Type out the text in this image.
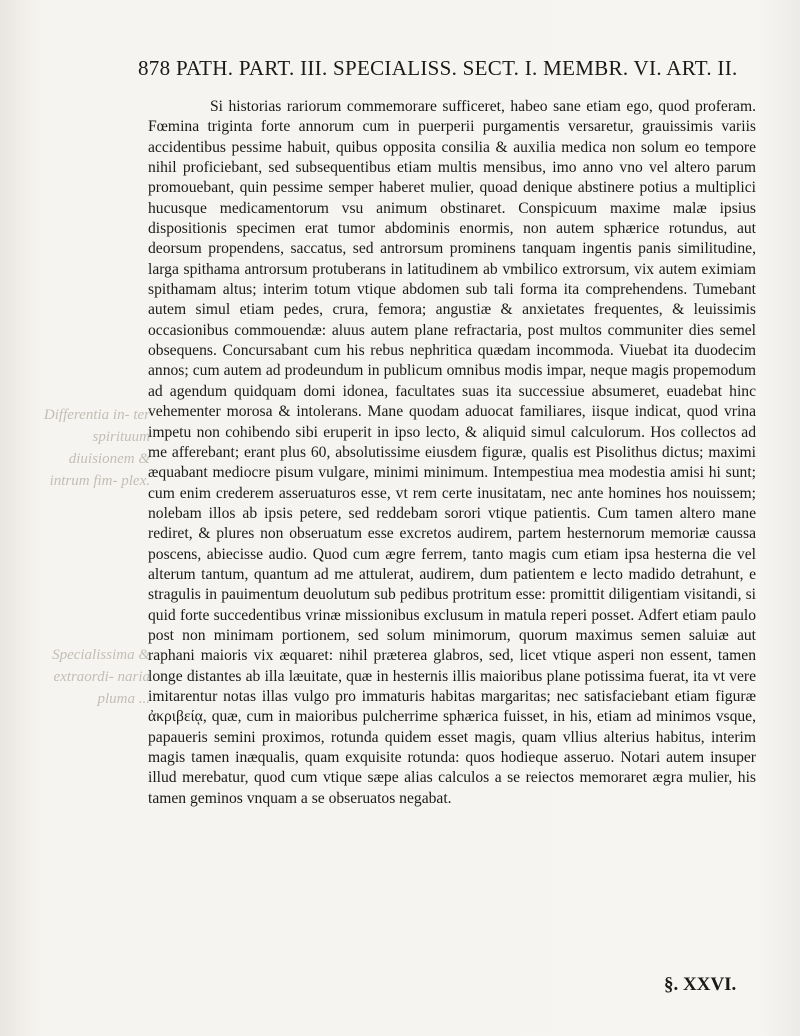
Differentia in- ter spirituum diuisionem & intrum fim- plex.
Specialissima & extraordi- naria pluma ...
878 PATH. PART. III. SPECIALISS. SECT. I. MEMBR. VI. ART. II.

Si historias rariorum commemorare sufficeret, habeo sane etiam ego, quod proferam. Fœmina triginta forte annorum cum in puerperii purgamentis versaretur, grauissimis variis accidentibus pessime habuit, quibus opposita consilia & auxilia medica non solum eo tempore nihil proficiebant, sed subsequentibus etiam multis mensibus, imo anno vno vel altero parum promouebant, quin pessime semper haberet mulier, quoad denique abstinere potius a multiplici hucusque medicamentorum vsu animum obstinaret. Conspicuum maxime malæ ipsius dispositionis specimen erat tumor abdominis enormis, non autem sphærice rotundus, aut deorsum propendens, saccatus, sed antrorsum prominens tanquam ingentis panis similitudine, larga spithama antrorsum protuberans in latitudinem ab vmbilico extrorsum, vix autem eximiam spithamam altus; interim totum vtique abdomen sub tali forma ita comprehendens. Tumebant autem simul etiam pedes, crura, femora; angustiæ & anxietates frequentes, & leuissimis occasionibus commouendæ: aluus autem plane refractaria, post multos communiter dies semel obsequens. Concursabant cum his rebus nephritica quædam incommoda. Viuebat ita duodecim annos; cum autem ad prodeundum in publicum omnibus modis impar, neque magis propemodum ad agendum quidquam domi idonea, facultates suas ita successiue absumeret, euadebat hinc vehementer morosa & intolerans. Mane quodam aduocat familiares, iisque indicat, quod vrina impetu non cohibendo sibi eruperit in ipso lecto, & aliquid simul calculorum. Hos collectos ad me afferebant; erant plus 60, absolutissime eiusdem figuræ, qualis est Pisolithus dictus; maximi æquabant mediocre pisum vulgare, minimi minimum. Intempestiua mea modestia amisi hi sunt; cum enim crederem asseruaturos esse, vt rem certe inusitatam, nec ante homines hos nouissem; nolebam illos ab ipsis petere, sed reddebam sorori vtique patientis. Cum tamen altero mane rediret, & plures non obseruatum esse excretos audirem, partem hesternorum memoriæ caussa poscens, abiecisse audio. Quod cum ægre ferrem, tanto magis cum etiam ipsa hesterna die vel alterum tantum, quantum ad me attulerat, audirem, dum patientem e lecto madido detrahunt, e stragulis in pauimentum deuolutum sub pedibus protritum esse: promittit diligentiam visitandi, si quid forte succedentibus vrinæ missionibus exclusum in matula reperi posset. Adfert etiam paulo post non minimam portionem, sed solum minimorum, quorum maximus semen saluiæ aut raphani maioris vix æquaret: nihil præterea glabros, sed, licet vtique asperi non essent, tamen longe distantes ab illa læuitate, quæ in hesternis illis maioribus plane potissima fuerat, ita vt vere imitarentur notas illas vulgo pro immaturis habitas margaritas; nec satisfaciebant etiam figuræ ἀκριβείᾳ, quæ, cum in maioribus pulcherrime sphærica fuisset, in his, etiam ad minimos vsque, papaueris semini proximos, rotunda quidem esset magis, quam vllius alterius habitus, interim magis tamen inæqualis, quam exquisite rotunda: quos hodieque asseruo. Notari autem insuper illud merebatur, quod cum vtique sæpe alias calculos a se reiectos memoraret ægra mulier, his tamen geminos vnquam a se obseruatos negabat.

§. XXVI.
